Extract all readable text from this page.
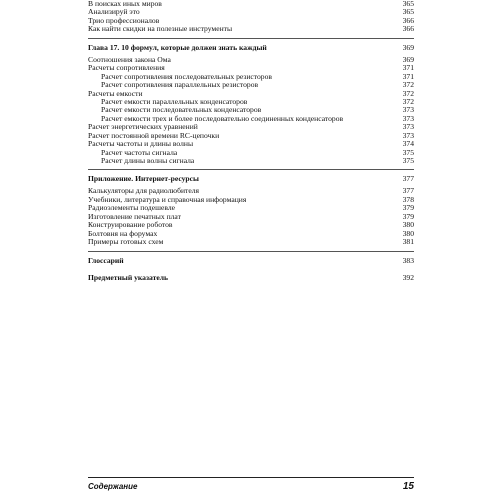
В поисках иных миров	365
Анализируй это	365
Трио профессионалов	366
Как найти скидки на полезные инструменты	366
Глава 17. 10 формул, которые должен знать каждый	369
Соотношения закона Ома	369
Расчеты сопротивления	371
Расчет сопротивления последовательных резисторов	371
Расчет сопротивления параллельных резисторов	372
Расчеты емкости	372
Расчет емкости параллельных конденсаторов	372
Расчет емкости последовательных конденсаторов	373
Расчет емкости трех и более последовательно соединенных конденсаторов	373
Расчет энергетических уравнений	373
Расчет постоянной времени RC-цепочки	373
Расчеты частоты и длины волны	374
Расчет частоты сигнала	375
Расчет длины волны сигнала	375
Приложение. Интернет-ресурсы	377
Калькуляторы для радиолюбителя	377
Учебники, литература и справочная информация	378
Радиоэлементы подешевле	379
Изготовление печатных плат	379
Конструирование роботов	380
Болтовня на форумах	380
Примеры готовых схем	381
Глоссарий	383
Предметный указатель	392
Содержание	15
